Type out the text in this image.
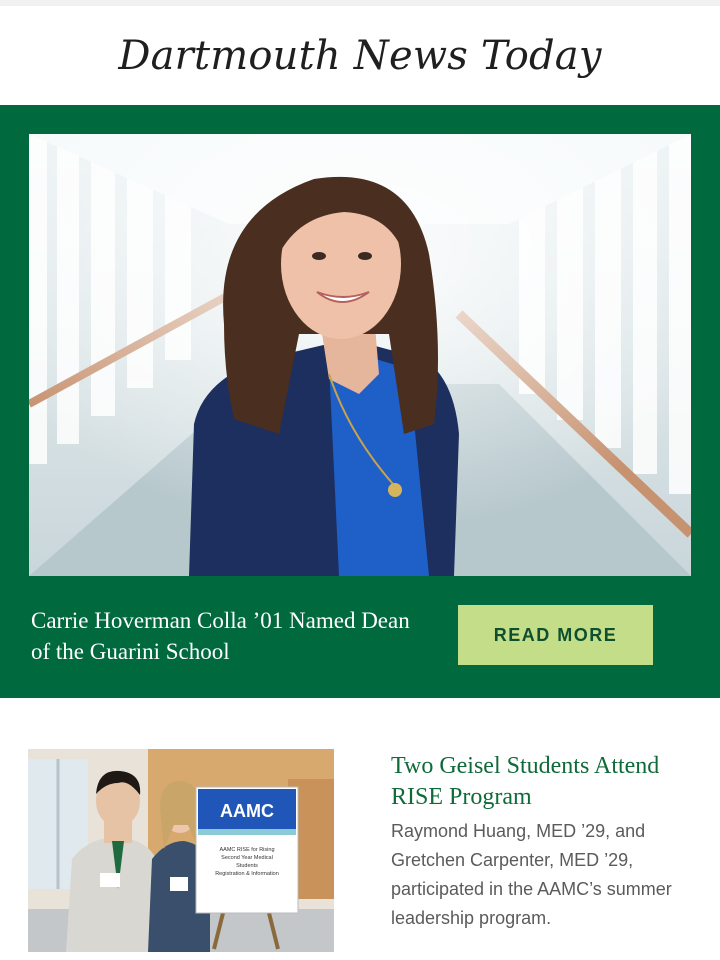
Dartmouth News Today
Carrie Hoverman Colla ’01 Named Dean of the Guarini School
READ MORE
AAMC
AAMC RISE for Rising
Second Year Medical
Students
Registration & Information
Two Geisel Students Attend RISE Program
Raymond Huang, MED ’29, and Gretchen Carpenter, MED ’29, participated in the AAMC’s summer leadership program.
